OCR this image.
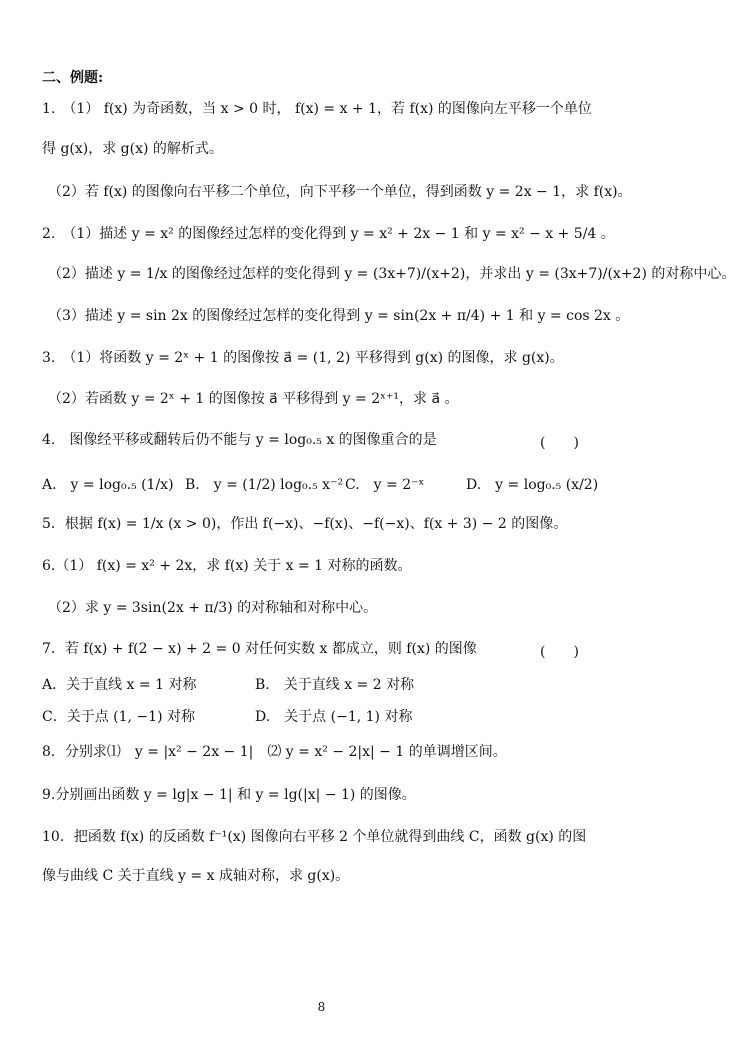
二、例题:
1.　（1） f(x) 为奇函数，当 x > 0 时， f(x) = x + 1，若 f(x) 的图像向左平移一个单位
得 g(x)，求 g(x) 的解析式。
（2）若 f(x) 的图像向右平移二个单位，向下平移一个单位，得到函数 y = 2x − 1，求 f(x)。
2.　（1）描述 y = x² 的图像经过怎样的变化得到 y = x² + 2x − 1 和 y = x² − x + 5/4 。
（2）描述 y = 1/x 的图像经过怎样的变化得到 y = (3x+7)/(x+2)，并求出 y = (3x+7)/(x+2) 的对称中心。
（3）描述 y = sin 2x 的图像经过怎样的变化得到 y = sin(2x + π/4) + 1 和 y = cos 2x 。
3.　（1）将函数 y = 2ˣ + 1 的图像按 a⃗ = (1, 2) 平移得到 g(x) 的图像，求 g(x)。
（2）若函数 y = 2ˣ + 1 的图像按 a⃗ 平移得到 y = 2ˣ⁺¹，求 a⃗ 。
4.　图像经平移或翻转后仍不能与 y = log₀.₅ x 的图像重合的是	(　　)
A.　y = log₀.₅ (1/x) B.　y = (1/2) log₀.₅ x⁻² C.　y = 2⁻ˣ	D.　y = log₀.₅ (x/2)
5．根据 f(x) = 1/x (x > 0)，作出 f(−x)、−f(x)、−f(−x)、f(x + 3) − 2 的图像。
6.（1） f(x) = x² + 2x，求 f(x) 关于 x = 1 对称的函数。
（2）求 y = 3sin(2x + π/3) 的对称轴和对称中心。
7．若 f(x) + f(2 − x) + 2 = 0 对任何实数 x 都成立，则 f(x) 的图像	(　　)
A．关于直线 x = 1 对称	B.　关于直线 x = 2 对称
C．关于点 (1, −1) 对称	D.　关于点 (−1, 1) 对称
8．分别求⑴　y = |x² − 2x − 1|　⑵ y = x² − 2|x| − 1 的单调增区间。
9.分别画出函数 y = lg|x − 1| 和 y = lg(|x| − 1) 的图像。
10．把函数 f(x) 的反函数 f⁻¹(x) 图像向右平移 2 个单位就得到曲线 C，函数 g(x) 的图
像与曲线 C 关于直线 y = x 成轴对称，求 g(x)。
8
